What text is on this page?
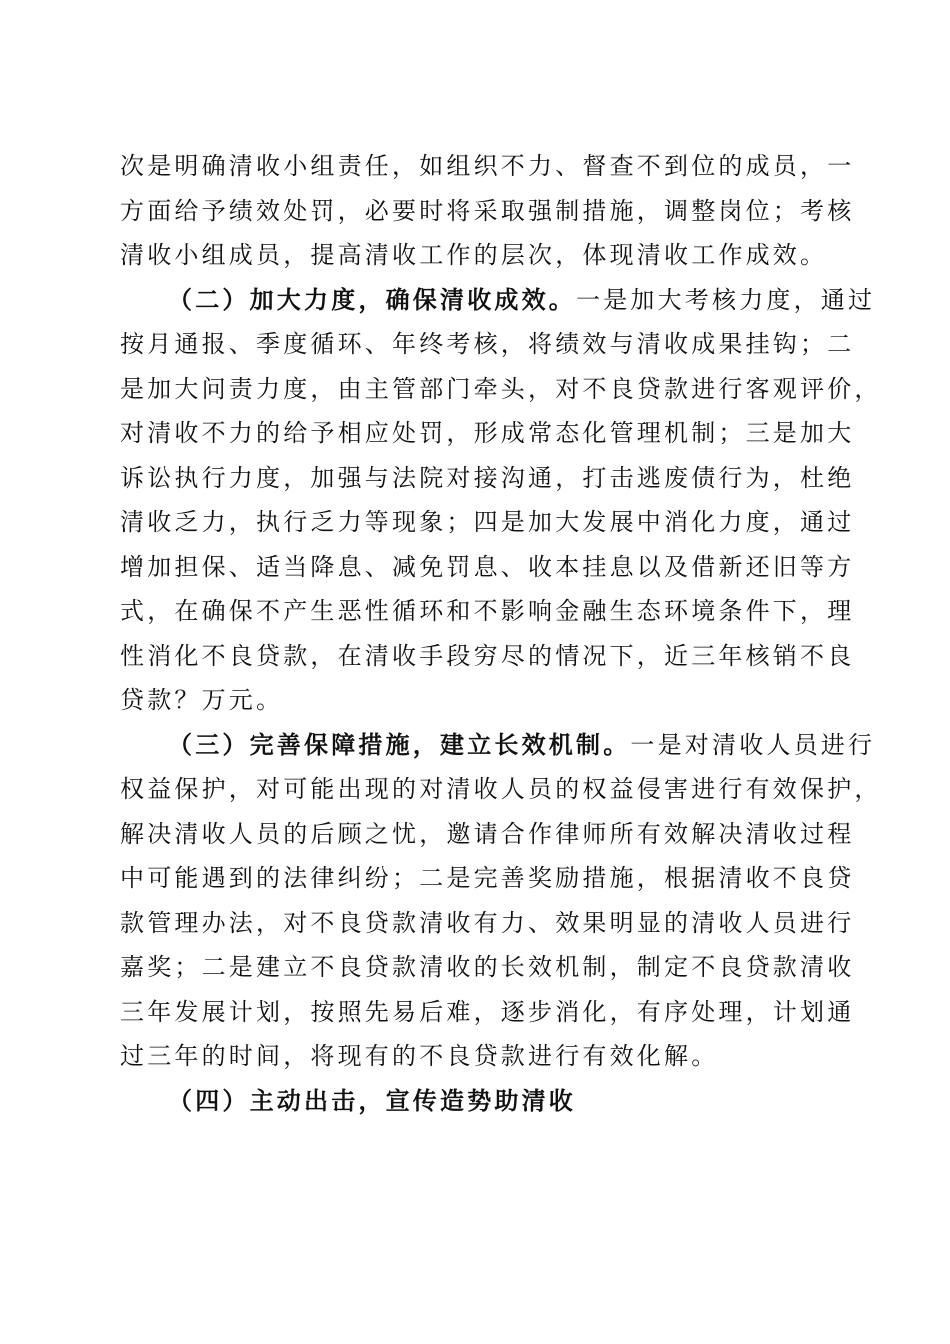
次是明确清收小组责任，如组织不力、督查不到位的成员，一
方面给予绩效处罚，必要时将采取强制措施，调整岗位；考核
清收小组成员，提高清收工作的层次，体现清收工作成效。

（二）加大力度，确保清收成效。一是加大考核力度，通过
按月通报、季度循环、年终考核，将绩效与清收成果挂钩；二
是加大问责力度，由主管部门牵头，对不良贷款进行客观评价，
对清收不力的给予相应处罚，形成常态化管理机制；三是加大
诉讼执行力度，加强与法院对接沟通，打击逃废债行为，杜绝
清收乏力，执行乏力等现象；四是加大发展中消化力度，通过
增加担保、适当降息、减免罚息、收本挂息以及借新还旧等方
式，在确保不产生恶性循环和不影响金融生态环境条件下，理
性消化不良贷款，在清收手段穷尽的情况下，近三年核销不良
贷款？万元。

（三）完善保障措施，建立长效机制。一是对清收人员进行
权益保护，对可能出现的对清收人员的权益侵害进行有效保护，
解决清收人员的后顾之忧，邀请合作律师所有效解决清收过程
中可能遇到的法律纠纷；二是完善奖励措施，根据清收不良贷
款管理办法，对不良贷款清收有力、效果明显的清收人员进行
嘉奖；二是建立不良贷款清收的长效机制，制定不良贷款清收
三年发展计划，按照先易后难，逐步消化，有序处理，计划通
过三年的时间，将现有的不良贷款进行有效化解。

（四）主动出击，宣传造势助清收
